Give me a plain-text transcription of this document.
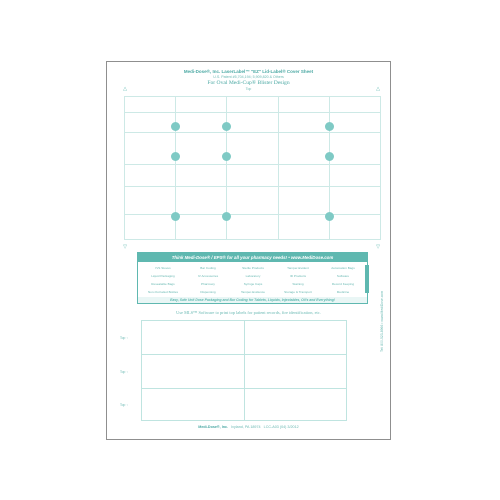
Medi-Dose®, Inc. LaserLabel™ "EZ" Lid-Label® Cover Sheet
U.S. Patent #5,704,194; 5,909,820 & Others
For Oval Medi-Cup® Blister Design
Top
△	△
▽	▽
Think Medi-Dose® / EPS® for all your pharmacy needs! • www.MediDose.com
IVS Stoves	Bar Coding	Sterile Products	Tamper-Evident	Automation Bags
Liquid Packaging	IV Accessories	Laboratory	ID Products	Software
Resealable Bags	Pharmacy	Syringe Caps	Staining	Record Keeping
Non-Occluded Bottles	Dispensing	Tamper-Evidence	Storage & Transport	Medicine
Easy, Safe Unit Dose Packaging and Bar Coding for Tablets, Liquids, Injectables, Oil's and Everything!
Use MLS™ Software to print top labels for patient records, fire identification, etc.
Top ↑
Top ↑
Top ↑
Tel: 800-523-8966 • www.MediDose.com
Medi-Dose®, Inc. Ivyland, PA 18974 LCC-A03 (04) 3/2012
